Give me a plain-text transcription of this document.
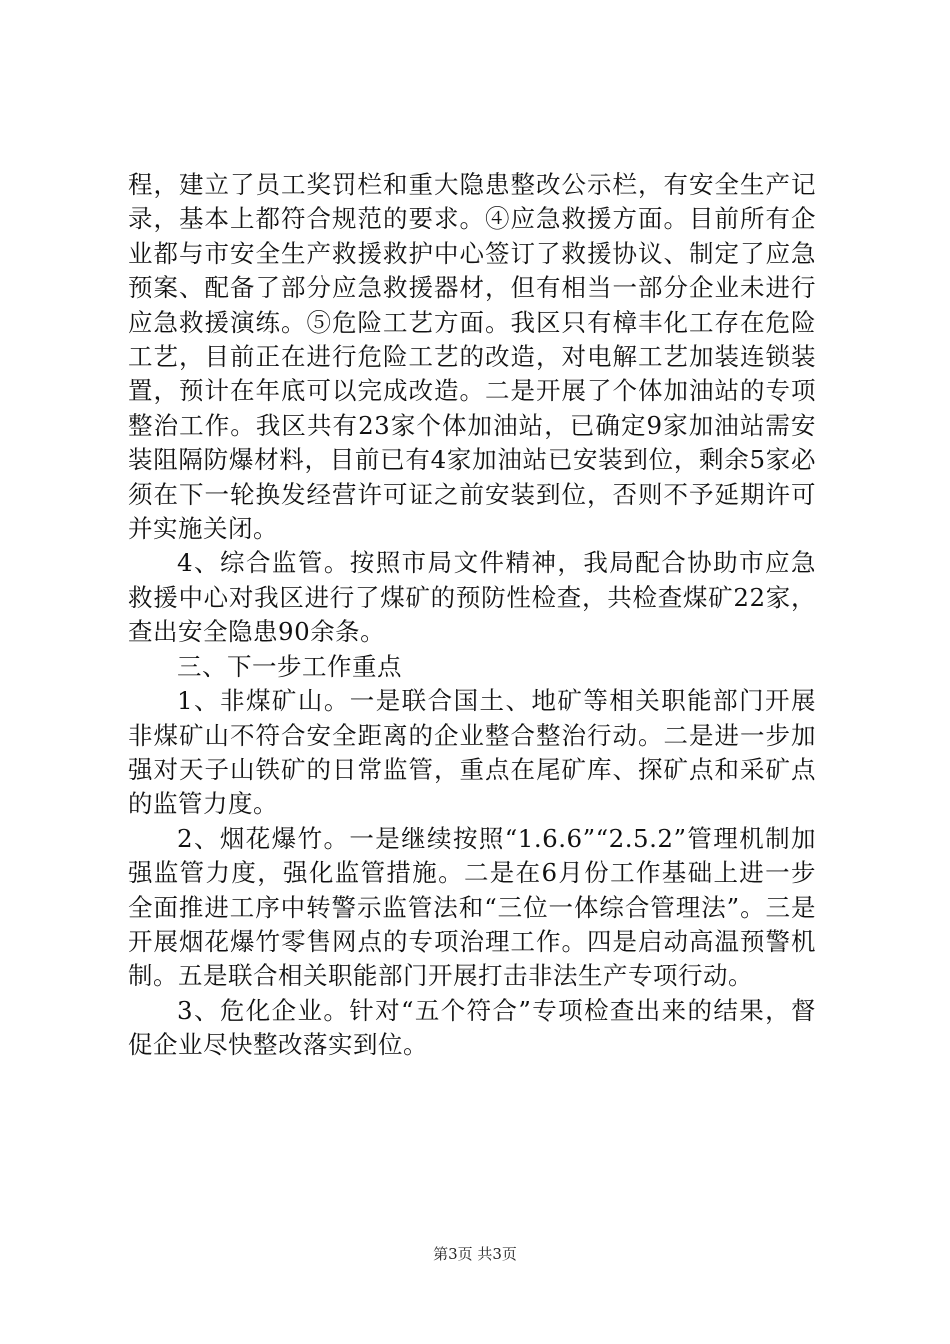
程，建立了员工奖罚栏和重大隐患整改公示栏，有安全生产记录，基本上都符合规范的要求。④应急救援方面。目前所有企业都与市安全生产救援救护中心签订了救援协议、制定了应急预案、配备了部分应急救援器材，但有相当一部分企业未进行应急救援演练。⑤危险工艺方面。我区只有樟丰化工存在危险工艺，目前正在进行危险工艺的改造，对电解工艺加装连锁装置，预计在年底可以完成改造。二是开展了个体加油站的专项整治工作。我区共有23家个体加油站，已确定9家加油站需安装阻隔防爆材料，目前已有4家加油站已安装到位，剩余5家必须在下一轮换发经营许可证之前安装到位，否则不予延期许可并实施关闭。

4、综合监管。按照市局文件精神，我局配合协助市应急救援中心对我区进行了煤矿的预防性检查，共检查煤矿22家，查出安全隐患90余条。

三、下一步工作重点

1、非煤矿山。一是联合国土、地矿等相关职能部门开展非煤矿山不符合安全距离的企业整合整治行动。二是进一步加强对天子山铁矿的日常监管，重点在尾矿库、探矿点和采矿点的监管力度。

2、烟花爆竹。一是继续按照“1.6.6”“2.5.2”管理机制加强监管力度，强化监管措施。二是在6月份工作基础上进一步全面推进工序中转警示监管法和“三位一体综合管理法”。三是开展烟花爆竹零售网点的专项治理工作。四是启动高温预警机制。五是联合相关职能部门开展打击非法生产专项行动。

3、危化企业。针对“五个符合”专项检查出来的结果，督促企业尽快整改落实到位。

第3页 共3页
